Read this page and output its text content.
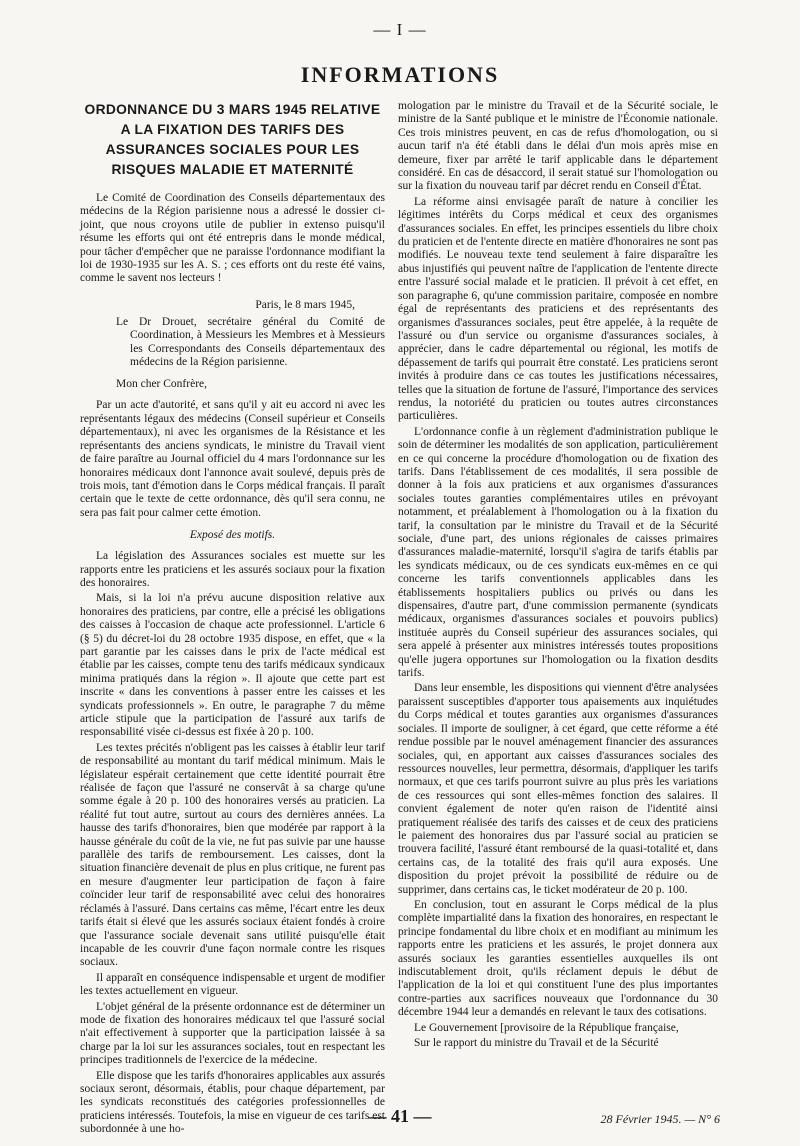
— I —
INFORMATIONS
ORDONNANCE DU 3 MARS 1945 RELATIVE A LA FIXATION DES TARIFS DES ASSURANCES SOCIALES POUR LES RISQUES MALADIE ET MATERNITÉ

Le Comité de Coordination des Conseils départementaux des médecins de la Région parisienne nous a adressé le dossier ci-joint, que nous croyons utile de publier in extenso puisqu'il résume les efforts qui ont été entrepris dans le monde médical, pour tâcher d'empêcher que ne paraisse l'ordonnance modifiant la loi de 1930-1935 sur les A. S. ; ces efforts ont du reste été vains, comme le savent nos lecteurs !

Paris, le 8 mars 1945,
Le Dr Drouet, secrétaire général du Comité de Coordination, à Messieurs les Membres et à Messieurs les Correspondants des Conseils départementaux des médecins de la Région parisienne.
Mon cher Confrère,

Par un acte d'autorité, et sans qu'il y ait eu accord ni avec les représentants légaux des médecins (Conseil supérieur et Conseils départementaux), ni avec les organismes de la Résistance et les représentants des anciens syndicats, le ministre du Travail vient de faire paraître au Journal officiel du 4 mars l'ordonnance sur les honoraires médicaux dont l'annonce avait soulevé, depuis près de trois mois, tant d'émotion dans le Corps médical français. Il paraît certain que le texte de cette ordonnance, dès qu'il sera connu, ne sera pas fait pour calmer cette émotion.

Exposé des motifs.

La législation des Assurances sociales est muette sur les rapports entre les praticiens et les assurés sociaux pour la fixation des honoraires.

Mais, si la loi n'a prévu aucune disposition relative aux honoraires des praticiens, par contre, elle a précisé les obligations des caisses à l'occasion de chaque acte professionnel. L'article 6 (§ 5) du décret-loi du 28 octobre 1935 dispose, en effet, que « la part garantie par les caisses dans le prix de l'acte médical est établie par les caisses, compte tenu des tarifs médicaux syndicaux minima pratiqués dans la région ». Il ajoute que cette part est inscrite « dans les conventions à passer entre les caisses et les syndicats professionnels ». En outre, le paragraphe 7 du même article stipule que la participation de l'assuré aux tarifs de responsabilité visée ci-dessus est fixée à 20 p. 100.

Les textes précités n'obligent pas les caisses à établir leur tarif de responsabilité au montant du tarif médical minimum. Mais le législateur espérait certainement que cette identité pourrait être réalisée de façon que l'assuré ne conservât à sa charge qu'une somme égale à 20 p. 100 des honoraires versés au praticien. La réalité fut tout autre, surtout au cours des dernières années. La hausse des tarifs d'honoraires, bien que modérée par rapport à la hausse générale du coût de la vie, ne fut pas suivie par une hausse parallèle des tarifs de remboursement. Les caisses, dont la situation financière devenait de plus en plus critique, ne furent pas en mesure d'augmenter leur participation de façon à faire coïncider leur tarif de responsabilité avec celui des honoraires réclamés à l'assuré. Dans certains cas même, l'écart entre les deux tarifs était si élevé que les assurés sociaux étaient fondés à croire que l'assurance sociale devenait sans utilité puisqu'elle était incapable de les couvrir d'une façon normale contre les risques sociaux.

Il apparaît en conséquence indispensable et urgent de modifier les textes actuellement en vigueur.

L'objet général de la présente ordonnance est de déterminer un mode de fixation des honoraires médicaux tel que l'assuré social n'ait effectivement à supporter que la participation laissée à sa charge par la loi sur les assurances sociales, tout en respectant les principes traditionnels de l'exercice de la médecine.

Elle dispose que les tarifs d'honoraires applicables aux assurés sociaux seront, désormais, établis, pour chaque département, par les syndicats reconstitués des catégories professionnelles de praticiens intéressés. Toutefois, la mise en vigueur de ces tarifs est subordonnée à une ho-

mologation par le ministre du Travail et de la Sécurité sociale, le ministre de la Santé publique et le ministre de l'Économie nationale. Ces trois ministres peuvent, en cas de refus d'homologation, ou si aucun tarif n'a été établi dans le délai d'un mois après mise en demeure, fixer par arrêté le tarif applicable dans le département considéré. En cas de désaccord, il serait statué sur l'homologation ou sur la fixation du nouveau tarif par décret rendu en Conseil d'État.

La réforme ainsi envisagée paraît de nature à concilier les légitimes intérêts du Corps médical et ceux des organismes d'assurances sociales. En effet, les principes essentiels du libre choix du praticien et de l'entente directe en matière d'honoraires ne sont pas modifiés. Le nouveau texte tend seulement à faire disparaître les abus injustifiés qui peuvent naître de l'application de l'entente directe entre l'assuré social malade et le praticien. Il prévoit à cet effet, en son paragraphe 6, qu'une commission paritaire, composée en nombre égal de représentants des praticiens et des représentants des organismes d'assurances sociales, peut être appelée, à la requête de l'assuré ou d'un service ou organisme d'assurances sociales, à apprécier, dans le cadre départemental ou régional, les motifs de dépassement de tarifs qui pourrait être constaté. Les praticiens seront invités à produire dans ce cas toutes les justifications nécessaires, telles que la situation de fortune de l'assuré, l'importance des services rendus, la notoriété du praticien ou toutes autres circonstances particulières.

L'ordonnance confie à un règlement d'administration publique le soin de déterminer les modalités de son application, particulièrement en ce qui concerne la procédure d'homologation ou de fixation des tarifs. Dans l'établissement de ces modalités, il sera possible de donner à la fois aux praticiens et aux organismes d'assurances sociales toutes garanties complémentaires utiles en prévoyant notamment, et préalablement à l'homologation ou à la fixation du tarif, la consultation par le ministre du Travail et de la Sécurité sociale, d'une part, des unions régionales de caisses primaires d'assurances maladie-maternité, lorsqu'il s'agira de tarifs établis par les syndicats médicaux, ou de ces syndicats eux-mêmes en ce qui concerne les tarifs conventionnels applicables dans les établissements hospitaliers publics ou privés ou dans les dispensaires, d'autre part, d'une commission permanente (syndicats médicaux, organismes d'assurances sociales et pouvoirs publics) instituée auprès du Conseil supérieur des assurances sociales, qui sera appelé à présenter aux ministres intéressés toutes propositions qu'elle jugera opportunes sur l'homologation ou la fixation desdits tarifs.

Dans leur ensemble, les dispositions qui viennent d'être analysées paraissent susceptibles d'apporter tous apaisements aux inquiétudes du Corps médical et toutes garanties aux organismes d'assurances sociales. Il importe de souligner, à cet égard, que cette réforme a été rendue possible par le nouvel aménagement financier des assurances sociales, qui, en apportant aux caisses d'assurances sociales des ressources nouvelles, leur permettra, désormais, d'appliquer les tarifs normaux, et que ces tarifs pourront suivre au plus près les variations de ces ressources qui sont elles-mêmes fonction des salaires. Il convient également de noter qu'en raison de l'identité ainsi pratiquement réalisée des tarifs des caisses et de ceux des praticiens le paiement des honoraires dus par l'assuré social au praticien se trouvera facilité, l'assuré étant remboursé de la quasi-totalité et, dans certains cas, de la totalité des frais qu'il aura exposés. Une disposition du projet prévoit la possibilité de réduire ou de supprimer, dans certains cas, le ticket modérateur de 20 p. 100.

En conclusion, tout en assurant le Corps médical de la plus complète impartialité dans la fixation des honoraires, en respectant le principe fondamental du libre choix et en modifiant au minimum les rapports entre les praticiens et les assurés, le projet donnera aux assurés sociaux les garanties essentielles auxquelles ils ont indiscutablement droit, qu'ils réclament depuis le début de l'application de la loi et qui constituent l'une des plus importantes contre-parties aux sacrifices nouveaux que l'ordonnance du 30 décembre 1944 leur a demandés en relevant le taux des cotisations.

Le Gouvernement [provisoire de la République française,

Sur le rapport du ministre du Travail et de la Sécurité

— 41 —	28 Février 1945. — N° 6
